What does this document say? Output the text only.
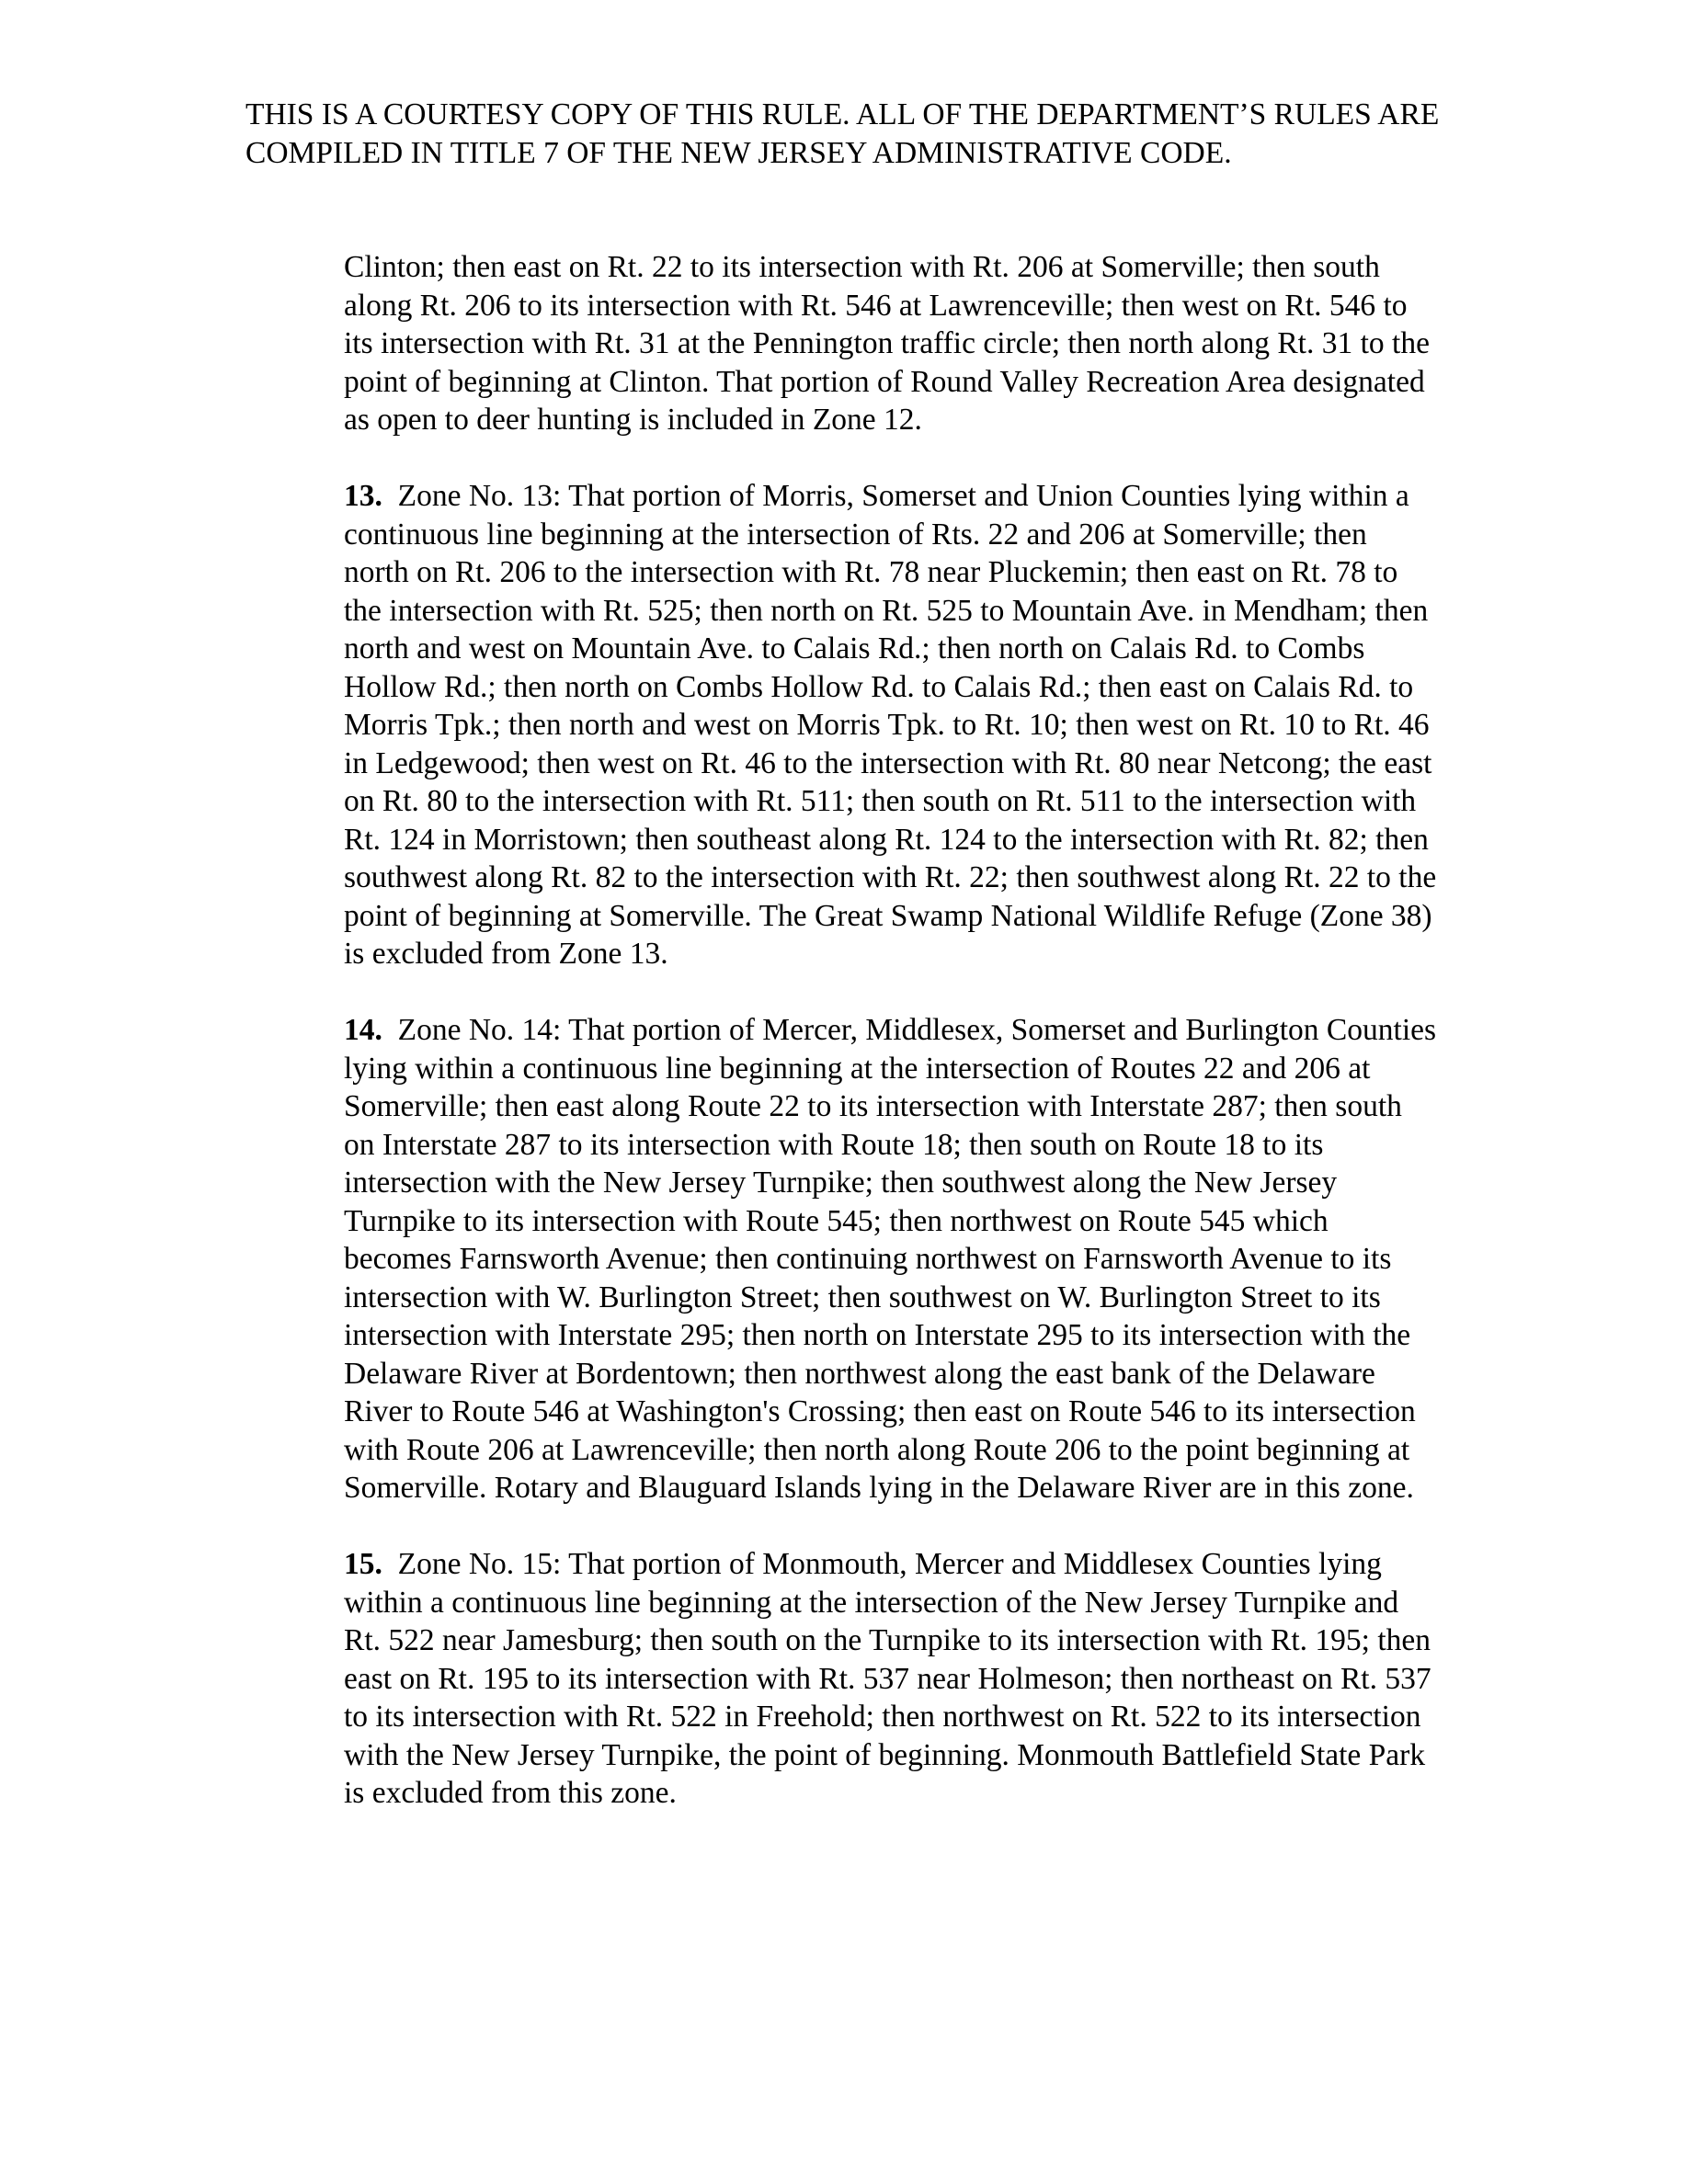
THIS IS A COURTESY COPY OF THIS RULE. ALL OF THE DEPARTMENT’S RULES ARE COMPILED IN TITLE 7 OF THE NEW JERSEY ADMINISTRATIVE CODE.

Clinton; then east on Rt. 22 to its intersection with Rt. 206 at Somerville; then south along Rt. 206 to its intersection with Rt. 546 at Lawrenceville; then west on Rt. 546 to its intersection with Rt. 31 at the Pennington traffic circle; then north along Rt. 31 to the point of beginning at Clinton. That portion of Round Valley Recreation Area designated as open to deer hunting is included in Zone 12.

13. Zone No. 13: That portion of Morris, Somerset and Union Counties lying within a continuous line beginning at the intersection of Rts. 22 and 206 at Somerville; then north on Rt. 206 to the intersection with Rt. 78 near Pluckemin; then east on Rt. 78 to the intersection with Rt. 525; then north on Rt. 525 to Mountain Ave. in Mendham; then north and west on Mountain Ave. to Calais Rd.; then north on Calais Rd. to Combs Hollow Rd.; then north on Combs Hollow Rd. to Calais Rd.; then east on Calais Rd. to Morris Tpk.; then north and west on Morris Tpk. to Rt. 10; then west on Rt. 10 to Rt. 46 in Ledgewood; then west on Rt. 46 to the intersection with Rt. 80 near Netcong; the east on Rt. 80 to the intersection with Rt. 511; then south on Rt. 511 to the intersection with Rt. 124 in Morristown; then southeast along Rt. 124 to the intersection with Rt. 82; then southwest along Rt. 82 to the intersection with Rt. 22; then southwest along Rt. 22 to the point of beginning at Somerville. The Great Swamp National Wildlife Refuge (Zone 38) is excluded from Zone 13.

14. Zone No. 14: That portion of Mercer, Middlesex, Somerset and Burlington Counties lying within a continuous line beginning at the intersection of Routes 22 and 206 at Somerville; then east along Route 22 to its intersection with Interstate 287; then south on Interstate 287 to its intersection with Route 18; then south on Route 18 to its intersection with the New Jersey Turnpike; then southwest along the New Jersey Turnpike to its intersection with Route 545; then northwest on Route 545 which becomes Farnsworth Avenue; then continuing northwest on Farnsworth Avenue to its intersection with W. Burlington Street; then southwest on W. Burlington Street to its intersection with Interstate 295; then north on Interstate 295 to its intersection with the Delaware River at Bordentown; then northwest along the east bank of the Delaware River to Route 546 at Washington's Crossing; then east on Route 546 to its intersection with Route 206 at Lawrenceville; then north along Route 206 to the point beginning at Somerville. Rotary and Blauguard Islands lying in the Delaware River are in this zone.

15. Zone No. 15: That portion of Monmouth, Mercer and Middlesex Counties lying within a continuous line beginning at the intersection of the New Jersey Turnpike and Rt. 522 near Jamesburg; then south on the Turnpike to its intersection with Rt. 195; then east on Rt. 195 to its intersection with Rt. 537 near Holmeson; then northeast on Rt. 537 to its intersection with Rt. 522 in Freehold; then northwest on Rt. 522 to its intersection with the New Jersey Turnpike, the point of beginning. Monmouth Battlefield State Park is excluded from this zone.
